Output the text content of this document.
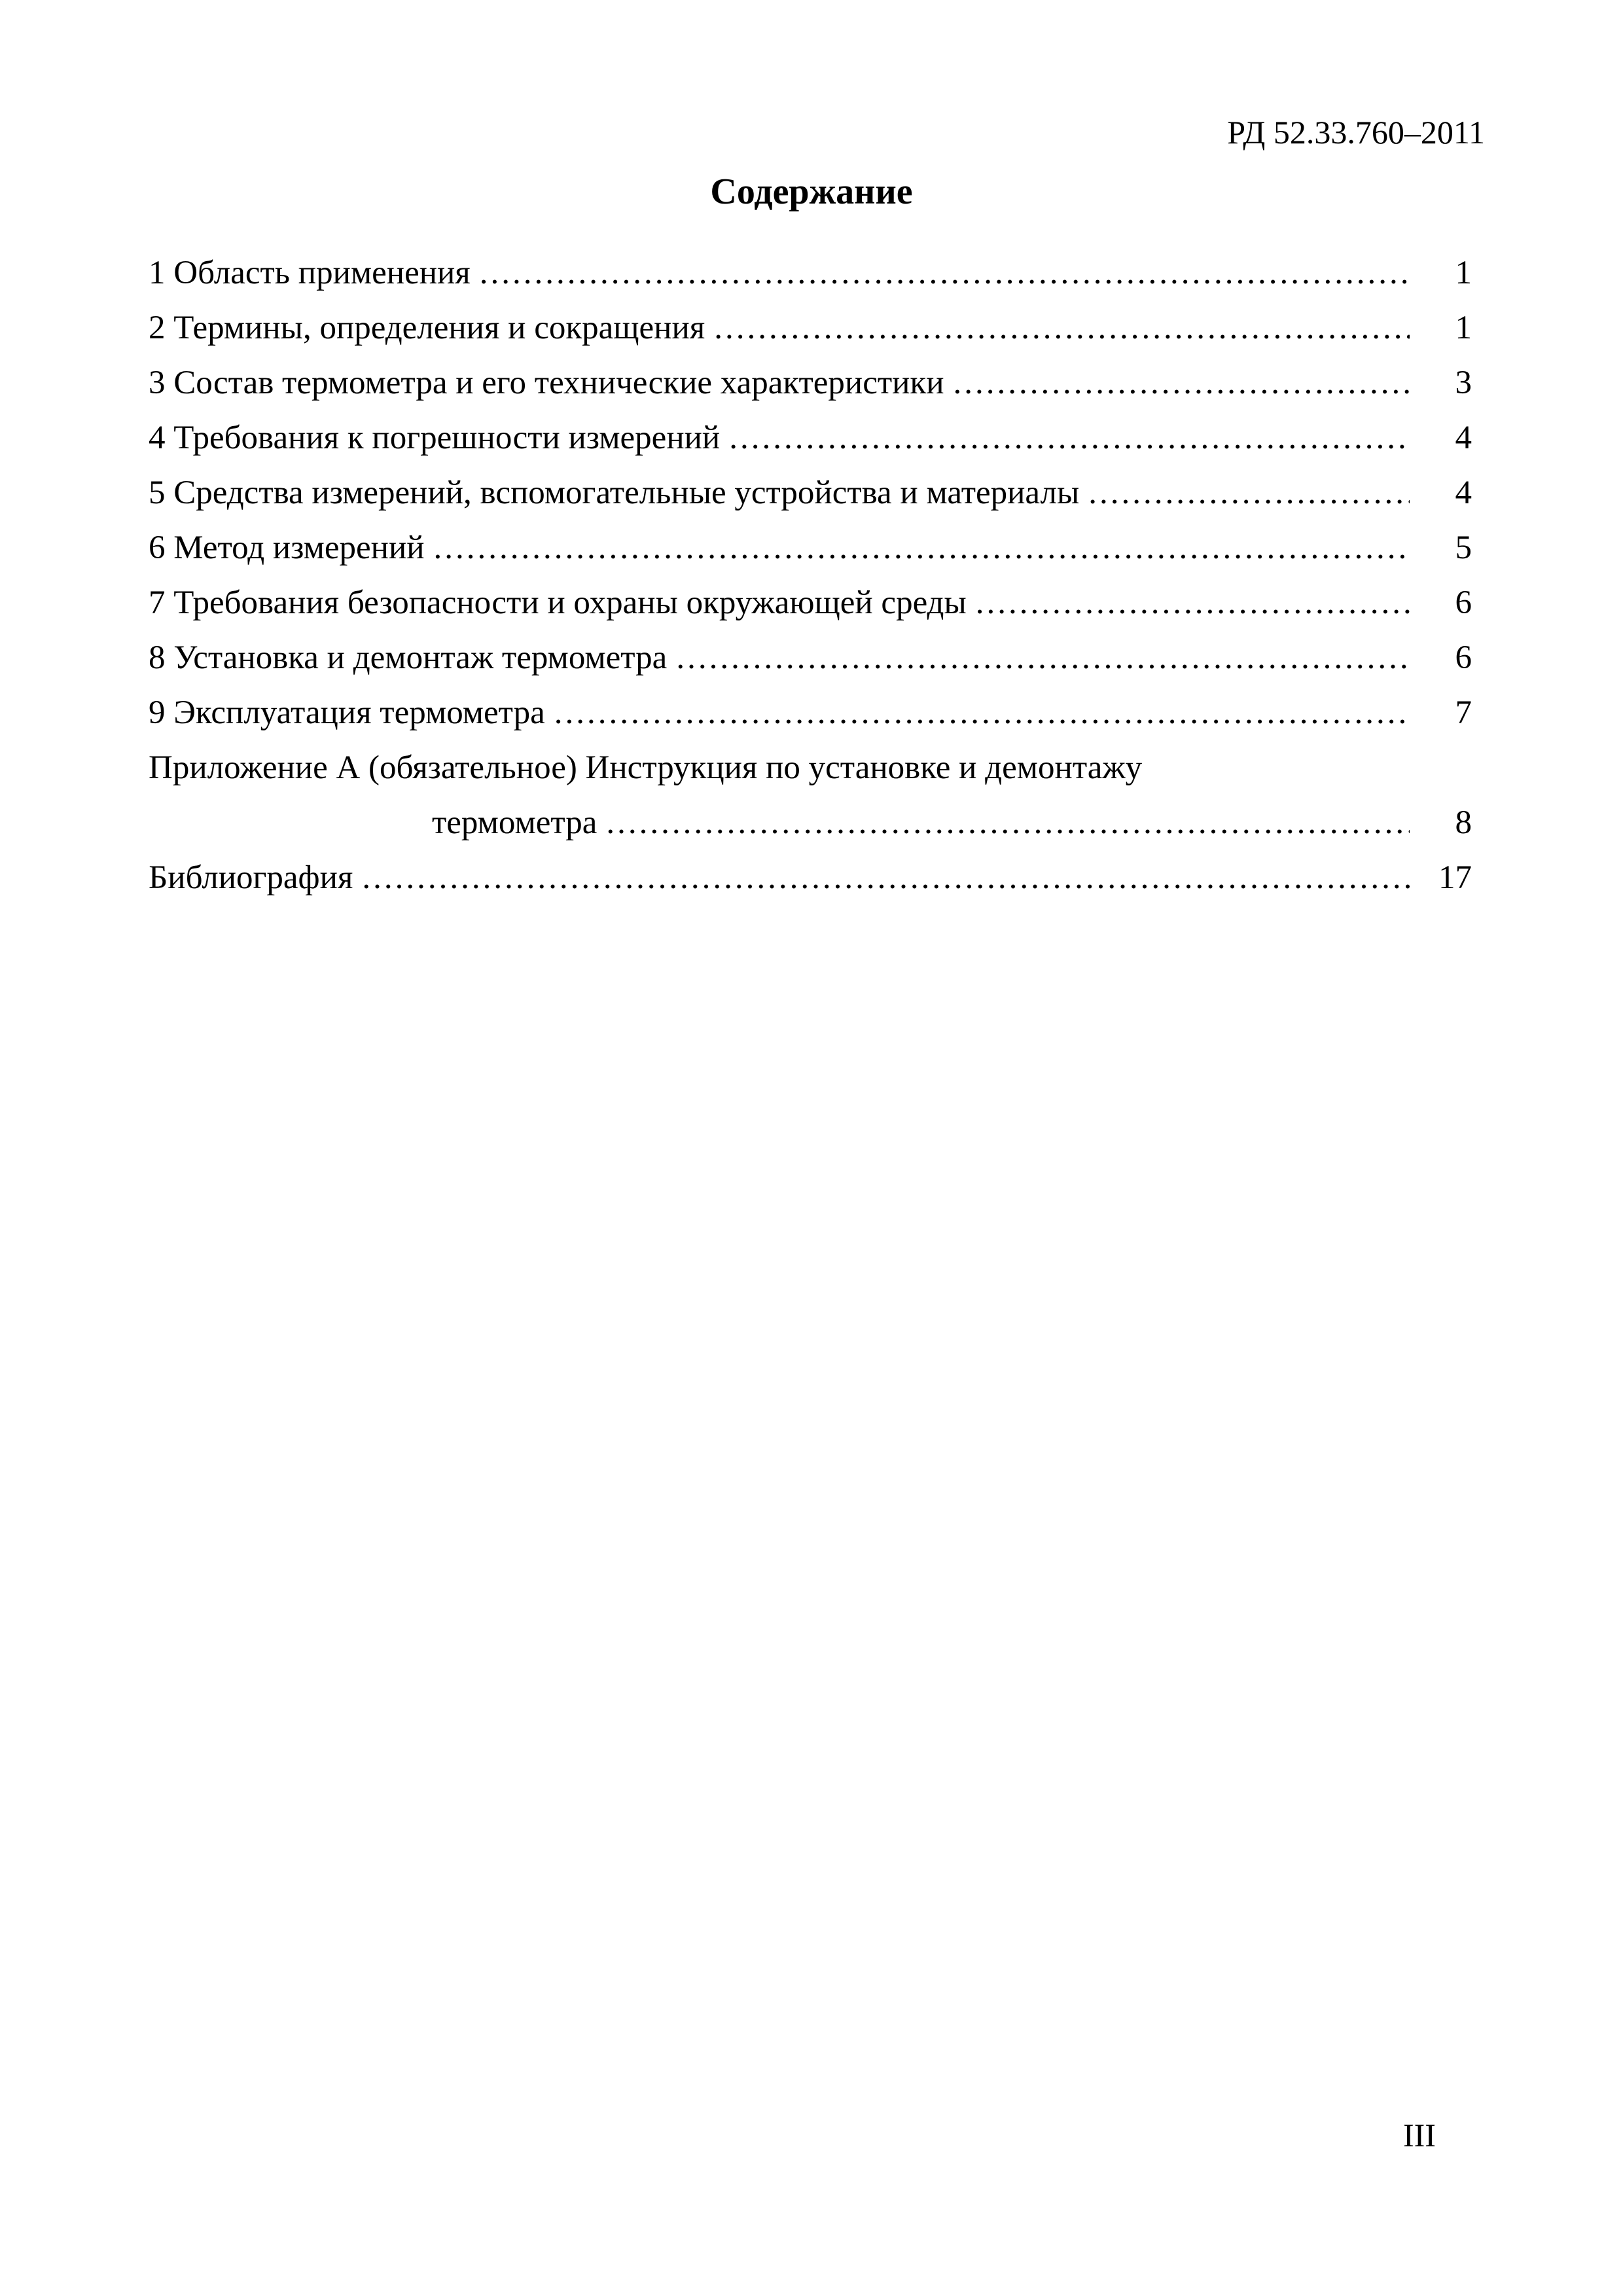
РД 52.33.760–2011
Содержание
1 Область применения .....	1
2 Термины, определения и сокращения .....	1
3 Состав термометра и его технические характеристики .....	3
4 Требования к погрешности измерений .....	4
5 Средства измерений, вспомогательные устройства и материалы .....	4
6 Метод измерений .....	5
7 Требования безопасности и охраны окружающей среды .....	6
8 Установка и демонтаж термометра .....	6
9 Эксплуатация термометра .....	7
Приложение А (обязательное) Инструкция по установке и демонтажу
термометра .....	8
Библиография .....	17
III
